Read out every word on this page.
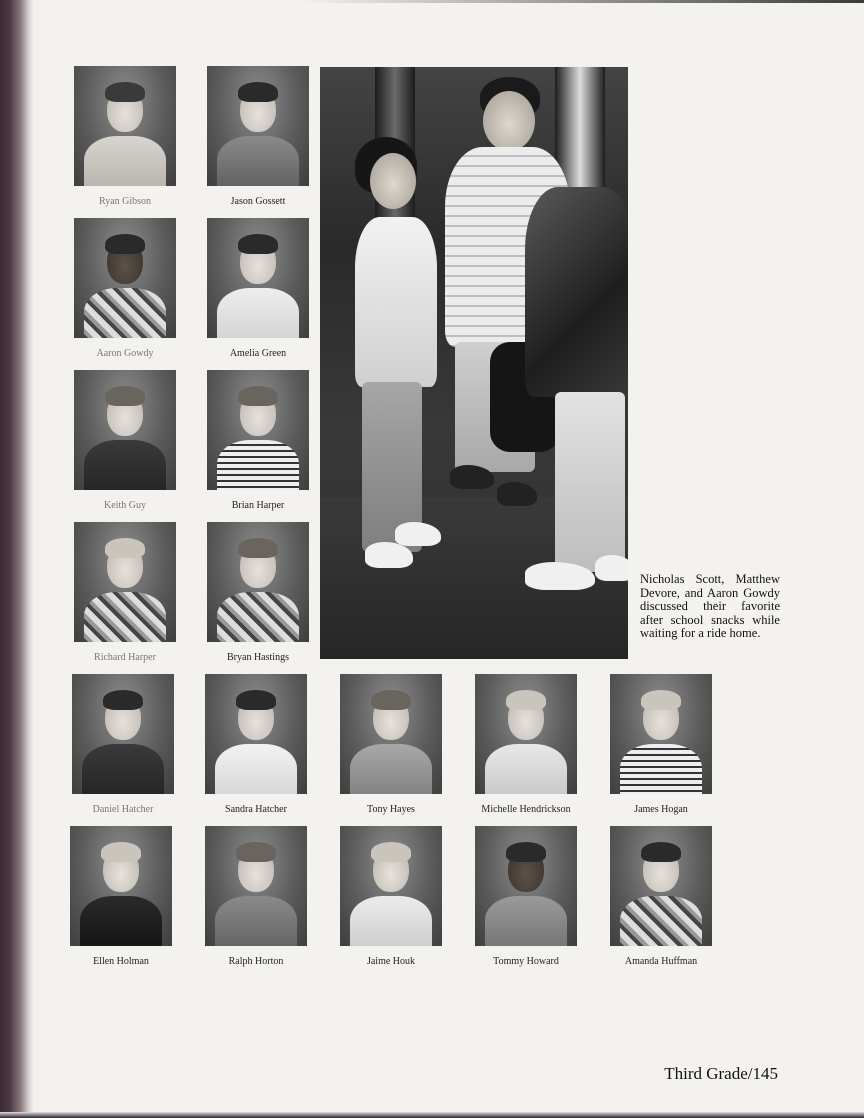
Ryan Gibson	Jason Gossett
Aaron Gowdy	Amelia Green
Keith Guy	Brian Harper
Richard Harper	Bryan Hastings
Nicholas Scott, Matthew Devore, and Aaron Gowdy discussed their favorite after school snacks while waiting for a ride home.
Daniel Hatcher	Sandra Hatcher	Tony Hayes	Michelle Hendrickson	James Hogan
Ellen Holman	Ralph Horton	Jaime Houk	Tommy Howard	Amanda Huffman
Third Grade/145
